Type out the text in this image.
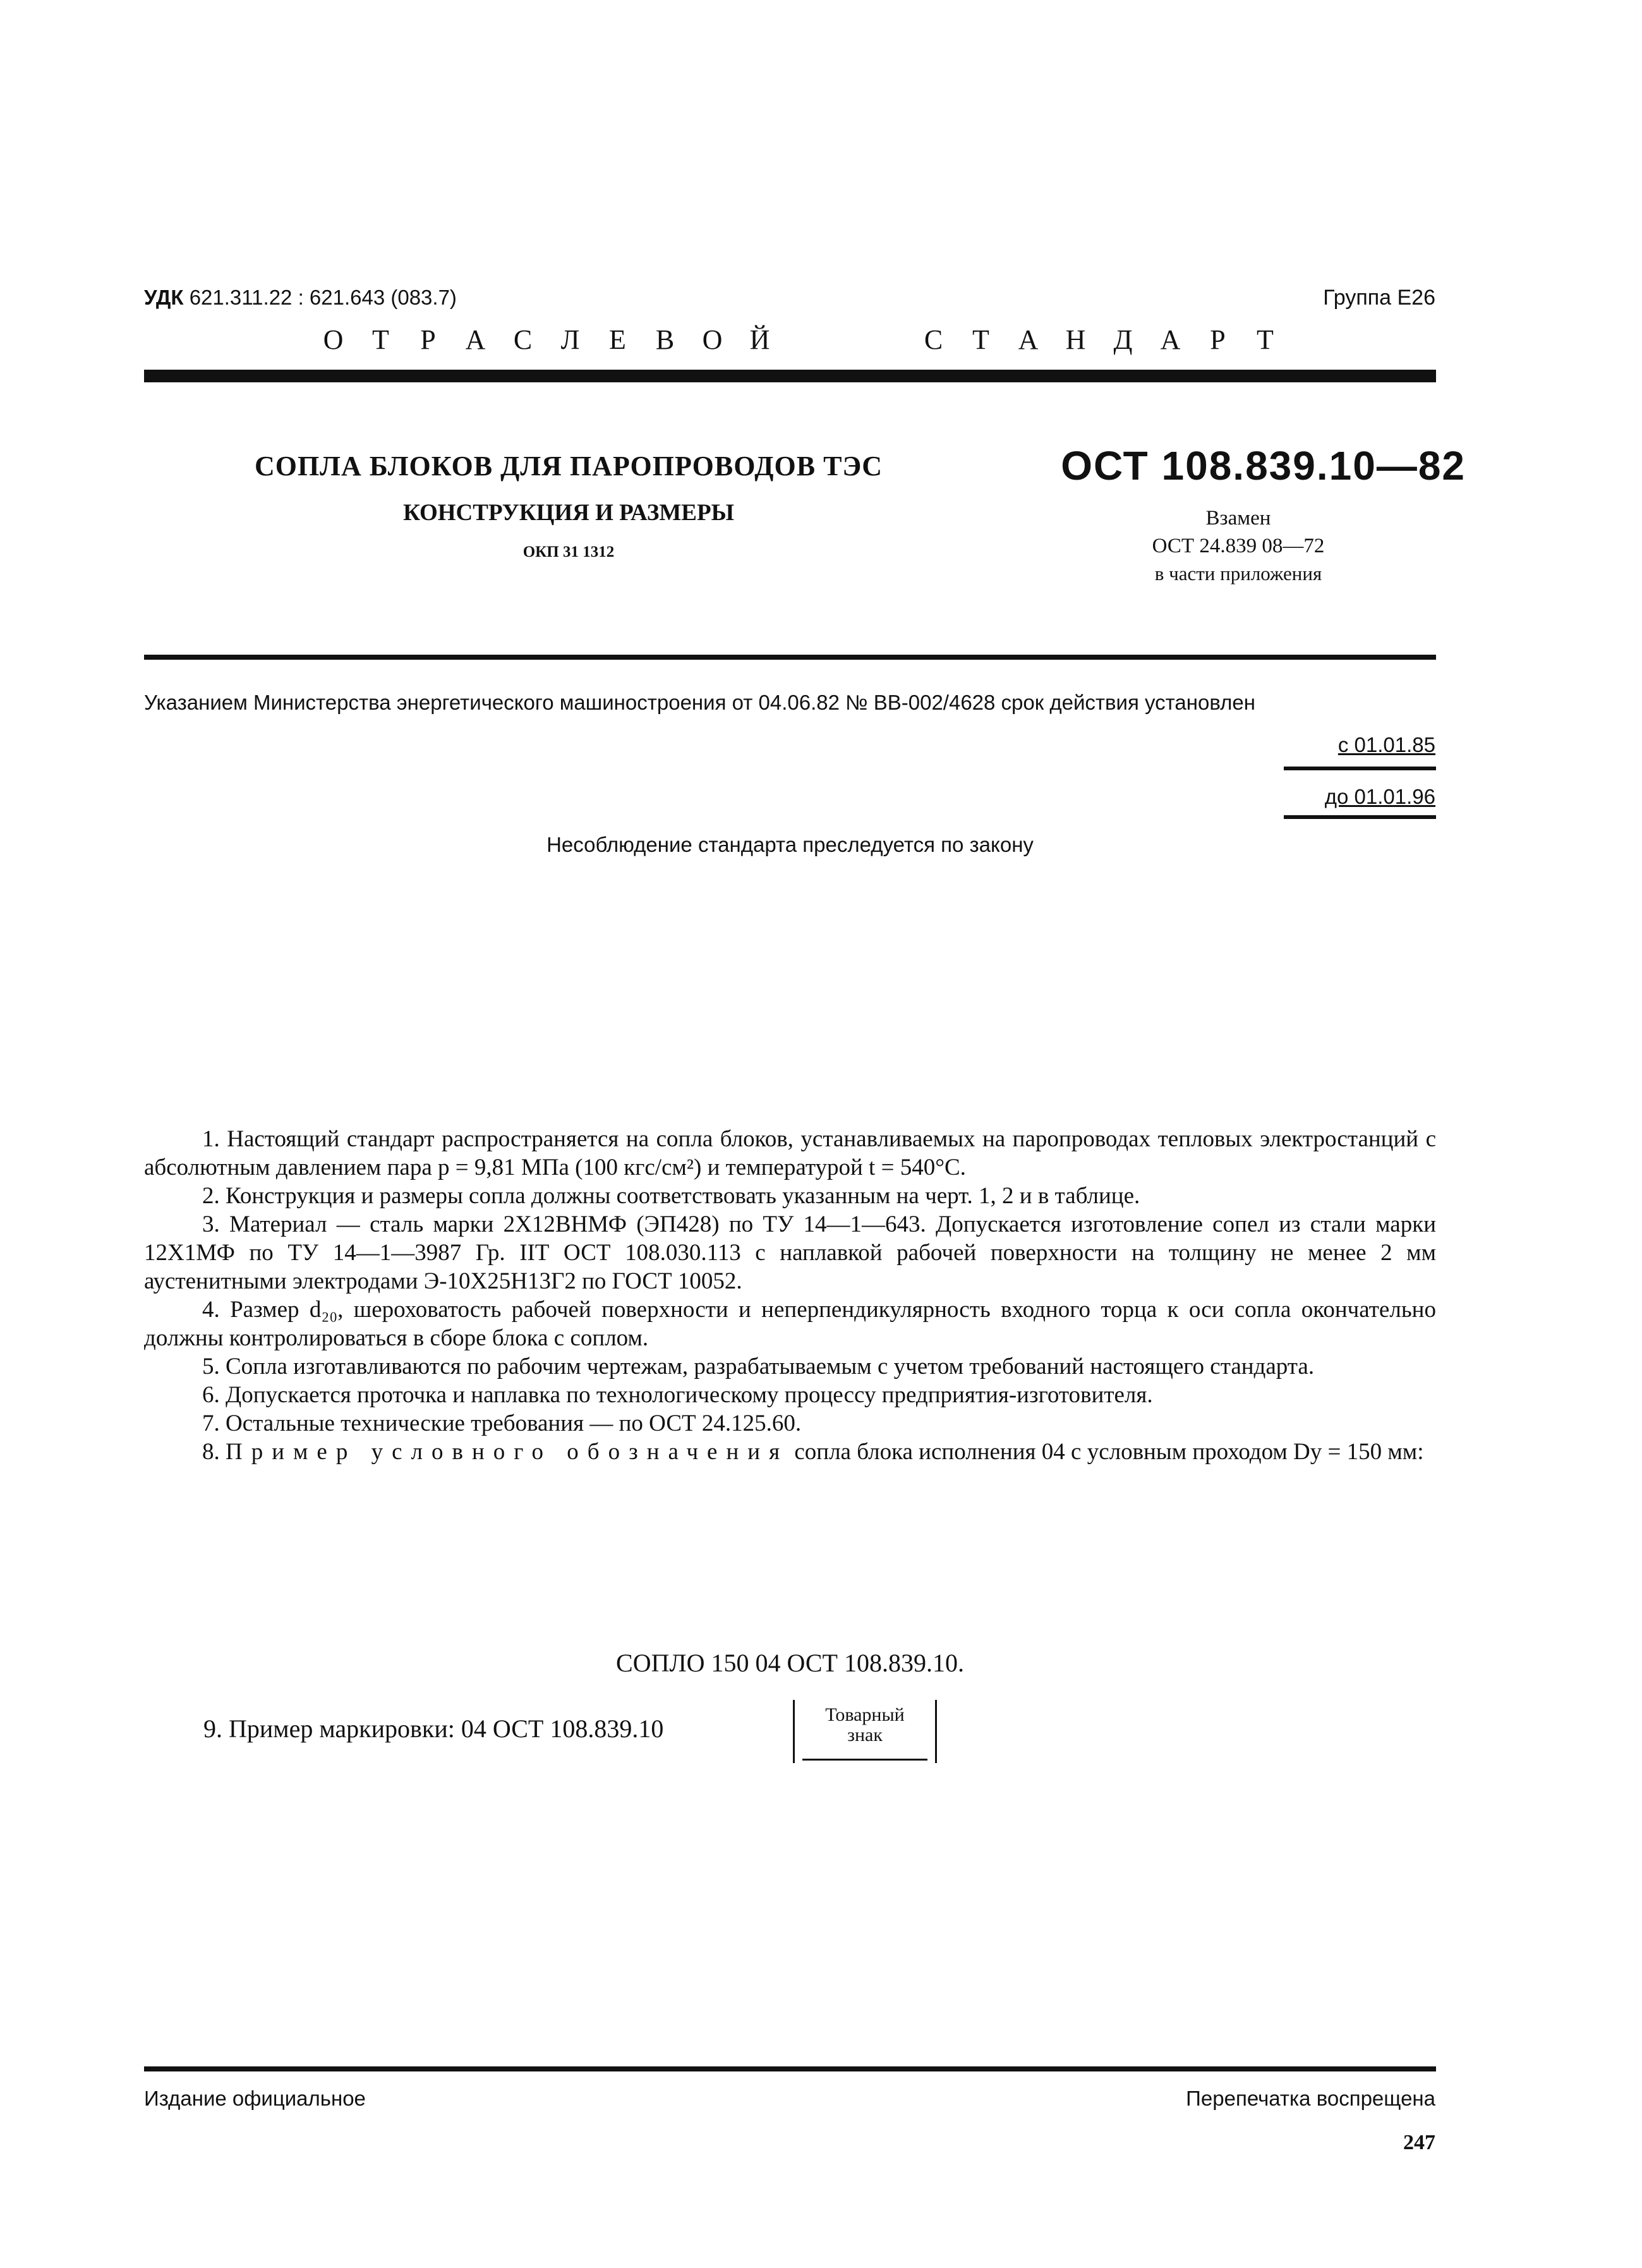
УДК 621.311.22 : 621.643 (083.7)	Группа Е26
О	Т	Р	А	С	Л	Е	В	О Й	С	Т	А Н	Д	А	Р	Т
СОПЛА БЛОКОВ ДЛЯ ПАРОПРОВОДОВ ТЭС
КОНСТРУКЦИЯ И РАЗМЕРЫ
ОКП 31 1312
ОСТ 108.839.10—82
Взамен
ОСТ 24.839 08—72
в части приложения
Указанием Министерства энергетического машиностроения от 04.06.82 № ВВ-002/4628 срок действия установлен
с 01.01.85
до 01.01.96
Несоблюдение стандарта преследуется по закону

1. Настоящий стандарт распространяется на сопла блоков, устанавливаемых на паропроводах тепловых электростанций с абсолютным давлением пара p = 9,81 МПа (100 кгс/см²) и температурой t = 540°С.

2. Конструкция и размеры сопла должны соответствовать указанным на черт. 1, 2 и в таблице.

3. Материал — сталь марки 2Х12ВНМФ (ЭП428) по ТУ 14—1—643. Допускается изготовление сопел из стали марки 12Х1МФ по ТУ 14—1—3987 Гр. IIТ ОСТ 108.030.113 с наплавкой рабочей поверхности на толщину не менее 2 мм аустенитными электродами Э-10Х25Н13Г2 по ГОСТ 10052.

4. Размер d₂₀, шероховатость рабочей поверхности и неперпендикулярность входного торца к оси сопла окончательно должны контролироваться в сборе блока с соплом.

5. Сопла изготавливаются по рабочим чертежам, разрабатываемым с учетом требований настоящего стандарта.

6. Допускается проточка и наплавка по технологическому процессу предприятия-изготовителя.

7. Остальные технические требования — по ОСТ 24.125.60.

8. Пример условного обозначения сопла блока исполнения 04 с условным проходом Dу = 150 мм:

СОПЛО 150 04 ОСТ 108.839.10.
9. Пример маркировки: 04 ОСТ 108.839.10	Товарный
знак
Издание официальное	Перепечатка воспрещена
247
